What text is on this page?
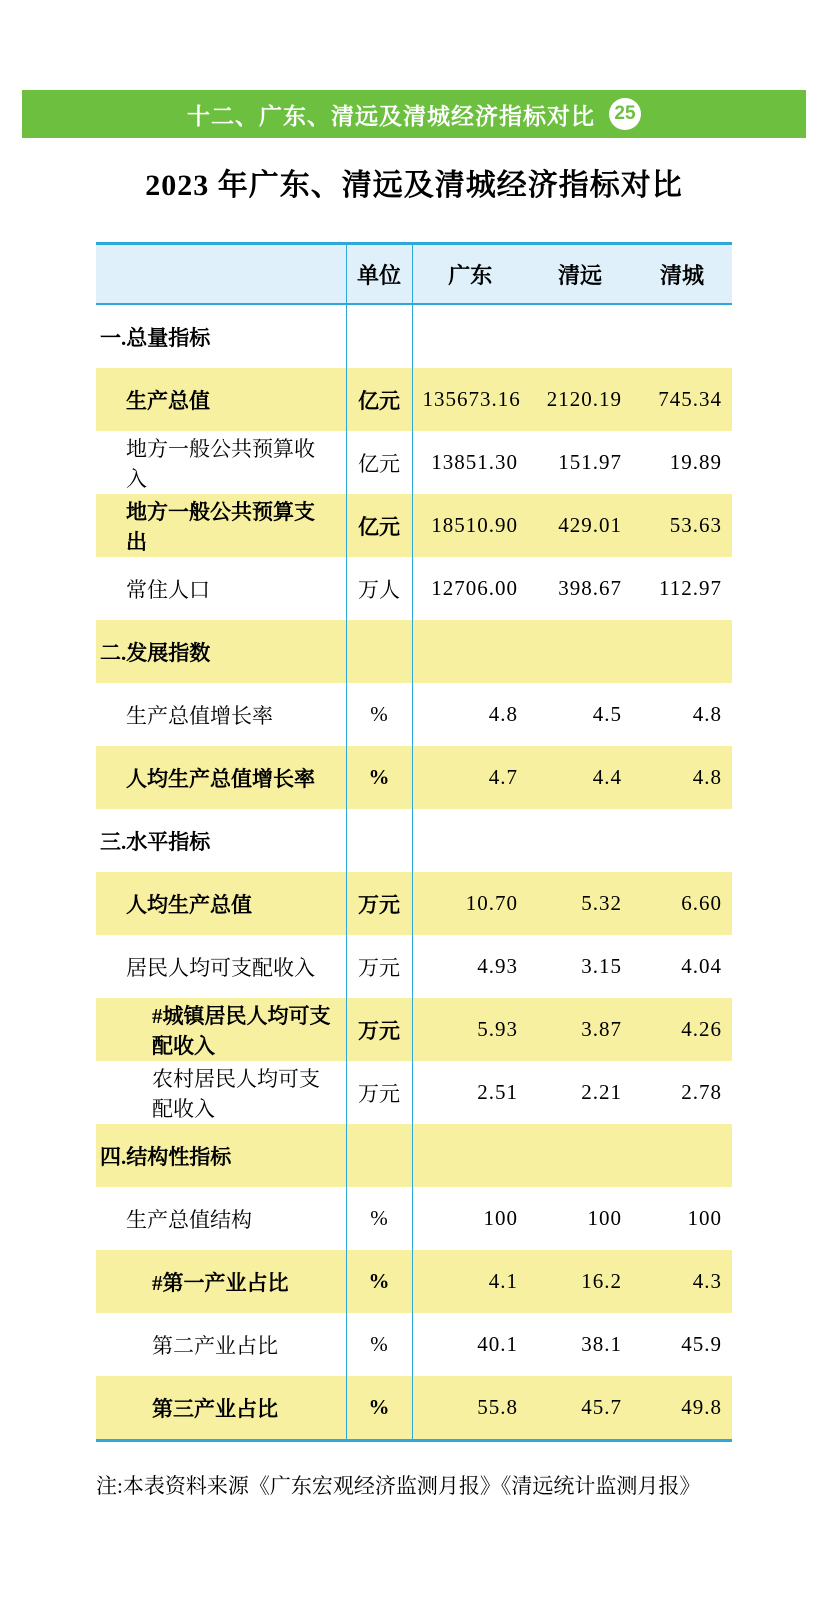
十二、广东、清远及清城经济指标对比 25
2023 年广东、清远及清城经济指标对比
	单位	广东	清远	清城
一.总量指标				
生产总值	亿元	135673.16	2120.19	745.34
地方一般公共预算收入	亿元	13851.30	151.97	19.89
地方一般公共预算支出	亿元	18510.90	429.01	53.63
常住人口	万人	12706.00	398.67	112.97
二.发展指数				
生产总值增长率	%	4.8	4.5	4.8
人均生产总值增长率	%	4.7	4.4	4.8
三.水平指标				
人均生产总值	万元	10.70	5.32	6.60
居民人均可支配收入	万元	4.93	3.15	4.04
#城镇居民人均可支配收入	万元	5.93	3.87	4.26
农村居民人均可支配收入	万元	2.51	2.21	2.78
四.结构性指标				
生产总值结构	%	100	100	100
#第一产业占比	%	4.1	16.2	4.3
第二产业占比	%	40.1	38.1	45.9
第三产业占比	%	55.8	45.7	49.8
注:本表资料来源《广东宏观经济监测月报》《清远统计监测月报》
